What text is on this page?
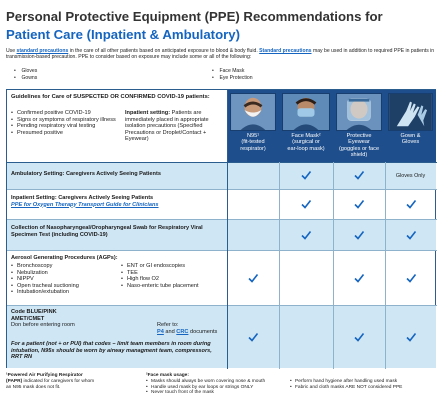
Personal Protective Equipment (PPE) Recommendations for
Patient Care (Inpatient & Ambulatory)
Use standard precautions in the care of all other patients based on anticipated exposure to blood & body fluid. Standard precautions may be used in addition to required PPE in patients in transmission-based precaution. PPE to consider based on exposure may include some or all of the following:
•    Gloves
•    Gowns
•    Face Mask
•    Eye Protection
Guidelines for Care of SUSPECTED OR CONFIRMED COVID-19 patients:
• Confirmed positive COVID-19
• Signs or symptoms of respiratory illness
• Pending respiratory viral testing
• Presumed positive
Inpatient setting: Patients are immediately placed in appropriate isolation precautions (Specified Precautions or Droplet/Contact + Eyewear)	N95¹
(fit-tested
respirator)
Face Mask²
(surgical or
ear-loop mask)
Protective
Eyewear
(goggles or face shield)
Gown &
Gloves
Ambulatory Setting: Caregivers Actively Seeing Patients
Inpatient Setting: Caregivers Actively Seeing Patients
PPE for Oxygen Therapy Transport Guide for Clinicians
Collection of Nasopharyngeal/Oropharyngeal Swab for Respiratory Viral Specimen Test (including COVID-19)
Aerosol Generating Procedures (AGPs):
• Bronchoscopy
• Nebulization
• NIPPV
• Open tracheal suctioning
• Intubation/extubation
• ENT or GI endoscopies
• TEE
• High flow O2
• Naso-enteric tube placement
Code BLUE/PINK
AMET/CMET
Don before entering room	Refer to:
P4 and CRC documents
For a patient (not + or PUI) that codes – limit team members in room during intubation, N95s should be worn by airway managment team, compressors, RRT RN
Gloves Only
¹Powered Air Purifying Respirator
(PAPR) indicated for caregivers for whom
an N95 mask does not fit.
²Face mask usage:
• Masks should always be worn covering nose & mouth
• Handle used mask by ear loops or strings ONLY
• Never touch front of the mask
• Perform hand hygiene after handling used mask
• Fabric and cloth masks ARE NOT considered PPE
